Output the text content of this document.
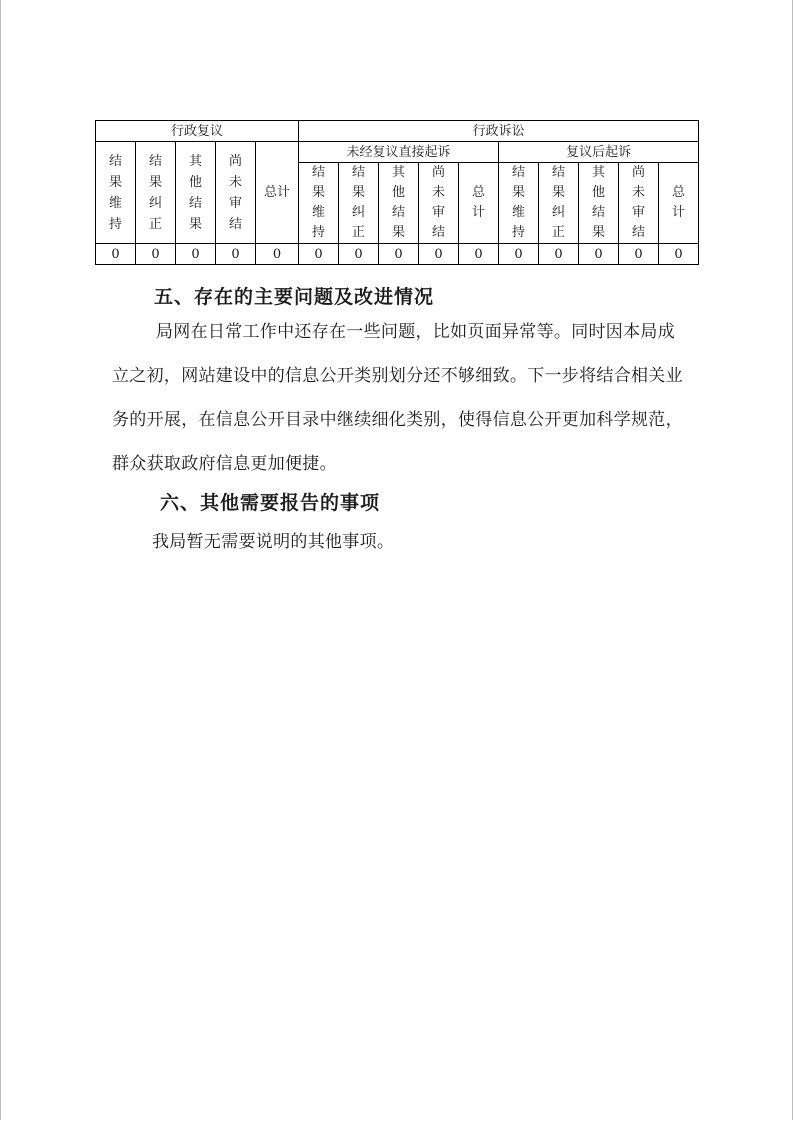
行政复议					行政诉讼									
结果维持	结果纠正	其他结果	尚未审结	总计	未经复议直接起诉					复议后起诉				
					结果维持	结果纠正	其他结果	尚未审结	总计	结果维持	结果纠正	其他结果	尚未审结	总计
0	0	0	0	0	0	0	0	0	0	0	0	0	0	0
五、存在的主要问题及改进情况

局网在日常工作中还存在一些问题，比如页面异常等。同时因本局成立之初，网站建设中的信息公开类别划分还不够细致。下一步将结合相关业务的开展，在信息公开目录中继续细化类别，使得信息公开更加科学规范，群众获取政府信息更加便捷。

六、其他需要报告的事项

我局暂无需要说明的其他事项。
